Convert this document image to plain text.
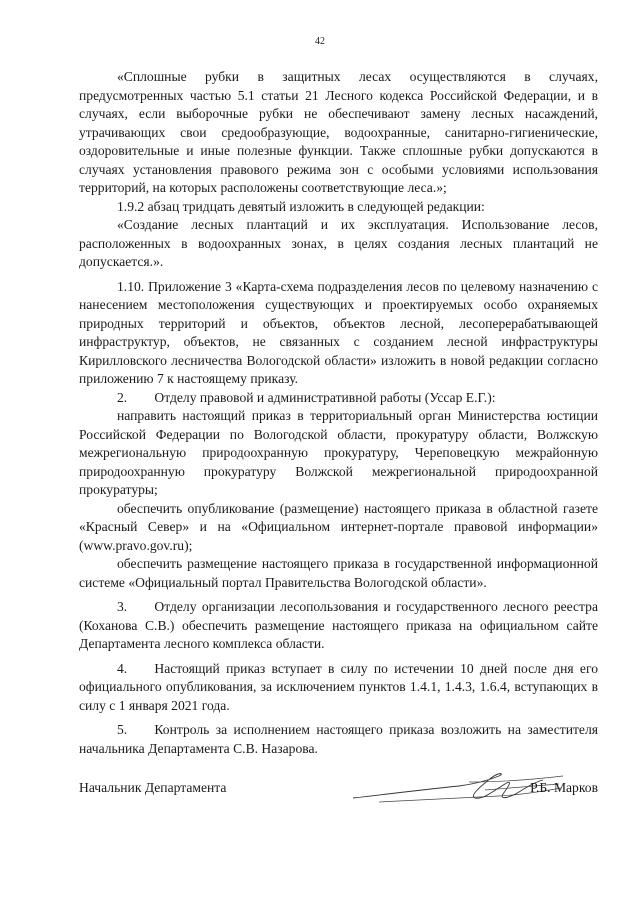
42

«Сплошные рубки в защитных лесах осуществляются в случаях, предусмотренных частью 5.1 статьи 21 Лесного кодекса Российской Федерации, и в случаях, если выборочные рубки не обеспечивают замену лесных насаждений, утрачивающих свои средообразующие, водоохранные, санитарно-гигиенические, оздоровительные и иные полезные функции. Также сплошные рубки допускаются в случаях установления правового режима зон с особыми условиями использования территорий, на которых расположены соответствующие леса.»;

1.9.2 абзац тридцать девятый изложить в следующей редакции:

«Создание лесных плантаций и их эксплуатация. Использование лесов, расположенных в водоохранных зонах, в целях создания лесных плантаций не допускается.».

1.10. Приложение 3 «Карта-схема подразделения лесов по целевому назначению с нанесением местоположения существующих и проектируемых особо охраняемых природных территорий и объектов, объектов лесной, лесоперерабатывающей инфраструктур, объектов, не связанных с созданием лесной инфраструктуры Кирилловского лесничества Вологодской области» изложить в новой редакции согласно приложению 7 к настоящему приказу.

2.  Отделу правовой и административной работы (Уссар Е.Г.):

направить настоящий приказ в территориальный орган Министерства юстиции Российской Федерации по Вологодской области, прокуратуру области, Волжскую межрегиональную природоохранную прокуратуру, Череповецкую межрайонную природоохранную прокуратуру Волжской межрегиональной природоохранной прокуратуры;

обеспечить опубликование (размещение) настоящего приказа в областной газете «Красный Север» и на «Официальном интернет-портале правовой информации» (www.pravo.gov.ru);

обеспечить размещение настоящего приказа в государственной информационной системе «Официальный портал Правительства Вологодской области».

3.  Отделу организации лесопользования и государственного лесного реестра (Коханова С.В.) обеспечить размещение настоящего приказа на официальном сайте Департамента лесного комплекса области.

4.  Настоящий приказ вступает в силу по истечении 10 дней после дня его официального опубликования, за исключением пунктов 1.4.1, 1.4.3, 1.6.4, вступающих в силу с 1 января 2021 года.

5.  Контроль за исполнением настоящего приказа возложить на заместителя начальника Департамента С.В. Назарова.

Начальник Департамента	Р.Б. Марков
